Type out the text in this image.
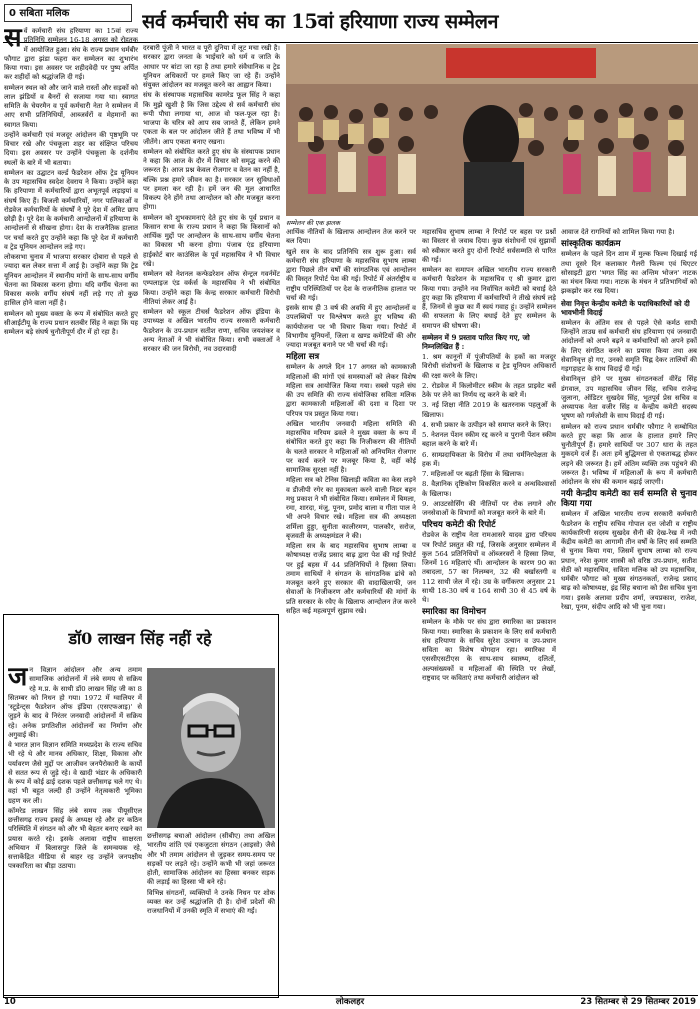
0 सबिता मलिक	सर्व कर्मचारी संघ का 15वां हरियाणा राज्य सम्मेलन
स र्व कर्मचारी संघ हरियाणा का 15वां राज्य प्रतिनिधि सम्मेलन 16-18 अगस्त को रोहतक में आयोजित हुआ। संघ के राज्य प्रधान धर्मबीर फौगाट द्वारा झंडा फहरा कर सम्मेलन का शुभारंभ किया गया। इस अवसर पर शहीदवेदी पर पुष्प अर्पित कर शहीदों को श्रद्धांजलि दी गई।

सम्मेलन स्थल को और जाने वाले रास्तों और सड़कों को लाल झंडियों व बैनरों से सजाया गया था। स्वागत समिति के चेयरमैन व पूर्व कर्मचारी नेता ने सम्मेलन में आए सभी प्रतिनिधियों, आब्जर्वरों व मेहमानों का स्वागत किया।

उन्होंने कर्मचारी एवं मजदूर आंदोलन की पृष्ठभूमि पर विचार रखे और पंचकूला शहर का संक्षिप्त परिचय दिया। इस अवसर पर उन्होंने पंचकूला के दर्शनीय स्थलों के बारे में भी बताया।

सम्मेलन का उद्घाटन वर्ल्ड फैडरेशन ऑफ ट्रेड यूनियन के उप महासचिव स्वदेश देवराय ने किया। उन्होंने कहा कि हरियाणा में कर्मचारियों द्वारा अभूतपूर्व लड़ाइयां व संघर्ष किए हैं। बिजली कर्मचारियों, नगर पालिकाओं व रोडवेज कर्मचारियों के संघर्षों ने पूरे देश में अमिट छाप छोड़ी है। पूरे देश के कर्मचारी आन्दोलनों में हरियाणा के आन्दोलनों से सीखना होगा। देश के राजनैतिक हालात पर चर्चा करते हुए उन्होंने कहा कि पूरे देश में कर्मचारी व ट्रेड यूनियन आन्दोलन लड़े गए।

लोकसभा चुनाव में भाजपा सरकार दोबारा से पहले से ज्यादा बल लेकर सत्ता में आई है। उन्होंने कहा कि ट्रेड यूनियन आन्दोलन में स्थानीय मांगों के साथ-साथ वर्गीय चेतना का विकास करना होगा। यदि वर्गीय चेतना का विकास करके वर्गीय संघर्ष नहीं लड़े गए तो कुछ हासिल होने वाला नहीं है।

सम्मेलन को मुख्य वक्ता के रूप में संबोधित करते हुए सीआईटीयू के राज्य प्रधान सतबीर सिंह ने कहा कि यह सम्मेलन बड़े संघर्ष चुनौतीपूर्ण दौर में हो रहा है।

दरबारी पूंजी ने भारत व पूरी दुनिया में लूट मचा रखी है। सरकार द्वारा जनता के भाईचारे को धर्म व जाति के आधार पर बांटा जा रहा है तथा हमारे संवैधानिक व ट्रेड यूनियन अधिकारों पर हमले किए जा रहे हैं। उन्होंने संयुक्त आंदोलन का मजबूत करने का आह्वान किया।

संघ के संस्थापक महासचिव कामरेड फूल सिंह ने कहा कि मुझे खुशी है कि जिस उद्देश्य से सर्व कर्मचारी संघ रूपी पौधा लगाया था, आज वो फल-फूल रहा है। भाजपा के चरित्र को आप सब जानते हैं, लेकिन हमने एकता के बल पर आंदोलन जीते हैं तथा भविष्य में भी जीतेंगे। आप एकता बनाए रखना।

सम्मेलन को संबोधित करते हुए संघ के संस्थापक प्रधान ने कहा कि आज के दौर में विचार को समृद्ध करने की जरूरत है। आज प्रश्न केवल रोजगार व वेतन का नहीं है, बल्कि प्रश्न हमारे जीवन का है। सरकार जन सुविधाओं पर हमला कर रही है। हमें जन की मूल आधारित विकल्प देने होंगे तथा आन्दोलन को और मजबूत करना होगा।

सम्मेलन को शुभकामनाएं देते हुए संघ के पूर्व प्रधान व किसान सभा के राज्य प्रधान ने कहा कि किसानों को आर्थिक मुद्दों पर आन्दोलन के साथ-साथ वर्गीय चेतना का विकास भी करना होगा। पंजाब एंड हरियाणा हाईकोर्ट बार काउंसिल के पूर्व महासचिव ने भी विचार रखे।

सम्मेलन को नेशनल कन्फेडरेशन ऑफ सेन्ट्रल गवर्नमेंट एम्पलाइज एंड वर्कर्स के महासचिव ने भी संबोधित किया। उन्होंने कहा कि केन्द्र सरकार कर्मचारी विरोधी नीतियां लेकर आई है।

सम्मेलन को स्कूल टीचर्स फैडरेशन ऑफ इंडिया के उपाध्यक्ष व अखिल भारतीय राज्य सरकारी कर्मचारी फैडरेशन के उप-प्रधान सतीश राणा, सचिव जयशंकर व अन्य नेताओं ने भी संबोधित किया। सभी वक्ताओं ने सरकार की जन विरोधी, नव उदारवादी

सम्मेलन की एक झलक

आर्थिक नीतियों के खिलाफ आन्दोलन तेज करने पर बल दिया।

खुले सत्र के बाद प्रतिनिधि सत्र शुरू हुआ। सर्व कर्मचारी संघ हरियाणा के महासचिव सुभाष लाम्बा द्वारा पिछले तीन वर्षों की सांगठनिक एवं आन्दोलन की विस्तृत रिपोर्ट पेश की गई। रिपोर्ट में अंतर्राष्ट्रीय व राष्ट्रीय परिस्थितियों पर देश के राजनीतिक हालात पर चर्चा की गई।

इसके साथ ही 3 वर्ष की अवधि में हुए आन्दोलनों व उपलब्धियों पर विश्लेषण करते हुए भविष्य की कार्ययोजना पर भी विचार किया गया। रिपोर्ट में विभागीय यूनियनों, जिला व खण्ड कमेटियों की और ज्यादा मजबूत बनाने पर भी चर्चा की गई।

महिला सत्र

सम्मेलन के अगले दिन 17 अगस्त को कामकाजी महिलाओं की मांगों एवं समस्याओं को लेकर विशेष महिला सत्र आयोजित किया गया। सबसे पहले संघ की उप समिति की राज्य संयोजिका सविता मलिक द्वारा कामकाजी महिलाओं की दशा व दिशा पर परिपत्र पत्र प्रस्तुत किया गया।

अखिल भारतीय जनवादी महिला समिति की महासचिव मरियम ढवले ने मुख्य वक्ता के रूप में संबोधित करते हुए कहा कि निजीकरण की नीतियों के चलते सरकार ने महिलाओं को अनियमित रोजगार पर कार्य करने पर मजबूर किया है, वहीं कोई सामाजिक सुरक्षा नहीं है।

महिला सत्र को टेनिस खिलाड़ी कविता का केस लड़ने व डीजीपी रगेर का मुकाबला करने वाली निडर बहन मधु प्रकाश ने भी संबोधित किया। सम्मेलन में बिमला, रमा, शारदा, मंजु, पूनम, प्रमोद बाला व गीता पाल ने भी अपने विचार रखे। महिला सत्र की अध्यक्षता शर्मिला हुड्डा, सुनीता कालीरमण, पालकौर, सरोज, बृजवती के अध्यक्षमंडल ने की।

महिला सत्र के बाद महासचिव सुभाष लाम्बा व कोषाध्यक्ष राजेंद्र प्रसाद बाढ़ द्वारा पेश की गई रिपोर्ट पर हुई बहस में 44 प्रतिनिधियों ने हिस्सा लिया। तमाम साथियों ने संगठन के सांगठनिक ढांचे को मजबूत करने हुए सरकार की वादाखिलाफी, जन सेवाओं के निजीकरण और कर्मचारियों की मांगों के प्रति सरकार के रवैए के खिलाफ आन्दोलन तेज करने सहित कई महत्वपूर्ण सुझाव रखे।

महासचिव सुभाष लाम्बा ने रिपोर्ट पर बहस पर प्रश्नों का विस्तार से जवाब दिया। कुछ संशोधनों एवं सुझावों को स्वीकार करते हुए दोनों रिपोर्ट सर्वसम्मति से पारित की गई।

सम्मेलन का समापन अखिल भारतीय राज्य सरकारी कर्मचारी फैडरेशन के महासचिव ए श्री कुमार द्वारा किया गया। उन्होंने नव निर्वाचित कमेटी को बधाई देते हुए कहा कि हरियाणा में कर्मचारियों ने तीखे संघर्ष लड़े हैं, जिनमें से कुछ का मैं स्वयं गवाह हूं। उन्होंने सम्मेलन की सफलता के लिए बधाई देते हुए सम्मेलन के समापन की घोषणा की।

सम्मेलन में 9 प्रस्ताव पारित किए गए, जो निम्नलिखित हैं :

1. श्रम कानूनों में पूंजीपतियों के हकों का मजदूर विरोधी संशोधनों के खिलाफ व ट्रेड यूनियन अधिकारों की रक्षा करने के लिए।

2. रोडवेज में किलोमीटर स्कीम के तहत प्राइवेट बसें ठेके पर लेने का निर्णय रद्द करने के बारे में।

3. नई शिक्षा नीति 2019 के खतरनाक पहलुओं के खिलाफ।

4. सभी प्रकार के उत्पीड़न को समाप्त करने के लिए।

5. नेशनल पेंशन स्कीम रद्द करने व पुरानी पेंशन स्कीम बहाल करने के बारे में।

6. साम्प्रदायिकता के विरोध में तथा धर्मनिरपेक्षता के हक में।

7. महिलाओं पर बढ़ती हिंसा के खिलाफ।

8. वैज्ञानिक दृष्टिकोण विकसित करने व अन्धविश्वासों के खिलाफ।

9. आउटसोर्सिंग की नीतियों पर रोक लगाने और जनसेवाओं के विभागों को मजबूत करने के बारे में।

परिचय कमेटी की रिपोर्ट

रोडवेज के राष्ट्रीय नेता रामआसरे यादव द्वारा परिचय पत्र रिपोर्ट प्रस्तुत की गई, जिसके अनुसार सम्मेलन में कुल 564 प्रतिनिधियों व ऑब्जरवरों ने हिस्सा लिया, जिनमें 16 महिलाएं थीं। आन्दोलन के कारण 90 का तबादला, 57 का निलम्बन, 32 की बर्खास्तगी व 112 साथी जेल में रहे। उम्र के वर्गीकरण अनुसार 21 साथी 18-30 वर्ष व 164 साथी 30 से 45 वर्ष के थे।

स्मारिका का विमोचन

सम्मेलन के मौके पर संघ द्वारा स्मारिका का प्रकाशन किया गया। स्मारिका के प्रकाशन के लिए सर्व कर्मचारी संघ हरियाणा के सचिव सुरेश उत्थान व उप-प्रधान सविता का विशेष योगदान रहा। स्मारिका में एससीएसटीएस के साथ-साथ स्वास्थ्य, दलितों, अल्पसंख्यकों व महिलाओं की स्थिति पर लेखों, राष्ट्रवाद पर कविताएं तथा कर्मचारी आंदोलन को

आवाज देते रागनियों को शामिल किया गया है।

सांस्कृतिक कार्यक्रम

सम्मेलन के पहले दिन शाम में मुल्क फिल्म दिखाई गई तथा दूसरे दिन कलाकार गैलरी फिल्म एवं थिएटर सोसाइटी द्वारा 'भगत सिंह का अन्तिम भोजन' नाटक का मंचन किया गया। नाटक के मंचन ने प्रतिभागियों को झकझोर कर रख दिया।

सेवा निवृत्त केन्द्रीय कमेटी के पदाधिकारियों को दी भावभीनी विदाई

सम्मेलन के अंतिम सत्र से पहले ऐसे कर्मठ साथी जिन्होंने ताउम्र सर्व कर्मचारी संघ हरियाणा एवं जनवादी आंदोलनों को अपने बढ़ने व कर्मचारियों को अपने हकों के लिए संगठित करने का प्रयास किया तथा अब सेवानिवृत्त हो गए, उनको समृति चिह्न देकर तालियों की गड़गड़ाहट के साथ विदाई दी गई।

सेवानिवृत्त होने पर मुख्य संगठनकर्ता वीरेंद्र सिंह डंगवाल, उप महासचिव जीवन सिंह, सचिव राजेन्द्र जुलाना, ऑडिटर सुखदेव सिंह, भूतपूर्व प्रेस सचिव व अध्यापक नेता वजीर सिंह व केन्द्रीय कमेटी सदस्य भूषण को गर्मजोशी के साथ विदाई दी गई।

सम्मेलन को राज्य प्रधान धर्मबीर फौगाट ने सम्बोधित करते हुए कहा कि आज के हालात हमारे लिए चुनौतीपूर्ण हैं। हमारे साथियों पर 307 धारा के तहत मुकदमे दर्ज हैं। अतः हमें बुद्धिमत्ता से एकताबद्ध होकर लड़ने की जरूरत है। हमें अंतिम व्यक्ति तक पहुंचने की जरूरत है। भविष्य में महिलाओं के रूप में कर्मचारी आंदोलन के संघ की कमान बढ़ाई जाएगी।

नयी केन्द्रीय कमेटी का सर्व सम्मति से चुनाव किया गया

सम्मेलन में अखिल भारतीय राज्य सरकारी कर्मचारी फैडरेशन के राष्ट्रीय सचिव गोपाल दत्त जोशी व राष्ट्रीय कार्यकारिणी सदस्य सुखदेव सैनी की देख-रेख में नयी केंद्रीय कमेटी का आगामी तीन वर्षों के लिए सर्व सम्मति से चुनाव किया गया, जिसमें सुभाष लाम्बा को राज्य प्रधान, नरेश कुमार शास्त्री को वरिष्ठ उप-प्रधान, सतीश सेठी को महासचिव, सविता मलिक को उप महासचिव, धर्मबीर फौगाट को मुख्य संगठनकर्ता, राजेन्द्र प्रसाद बाढ़ को कोषाध्यक्ष, इंद्र सिंह बधाना को प्रैस सचिव चुना गया। इसके अलावा प्रदीप शर्मा, जयप्रकाश, राजेश, रेखा, पूनम, संदीप आदि को भी चुना गया।

डॉ0 लाखन सिंह नहीं रहे
ज न विज्ञान आंदोलन और अन्य तमाम सामाजिक आंदोलनों में लंबे समय से सक्रिय रहे म.प्र. के साथी डॉ0 लाखन सिंह जी का 8 सितम्बर को निधन हो गया। 1972 में ग्वालियर में 'स्टूडेन्ट्स फैडरेशन ऑफ इंडिया (एसएफआइ)' से जुड़ने के बाद वे निरंतर जनवादी आंदोलनों में सक्रिय रहे। अनेक प्रगतिशील आंदोलनों का निर्माण और अगुवाई की।

वे भारत ज्ञान विज्ञान समिति मध्यप्रदेश के राज्य सचिव भी रहे थे और मानव अधिकार, शिक्षा, विकास और पर्यावरण जैसे मुद्दों पर आजीवन जनपैरोकारी के कार्यों से सतत रूप से जुड़े रहे। वे खादी भंडार के अधिकारी के रूप में कोई ढाई दशक पहले छत्तीसगढ़ चले गए थे। वहां भी बहुत जल्दी ही उन्होंने नेतृत्वकारी भूमिका ग्रहण कर ली।

कॉमरेड लाखन सिंह लंबे समय तक पीयूसीएल छत्तीसगढ़ राज्य इकाई के अध्यक्ष रहे और हर कठिन परिस्थिति में संगठन को और भी बेहतर बनाए रखने का प्रयास करते रहे। इसके अलावा राष्ट्रीय साक्षरता अभियान में बिलासपुर जिले के समन्वयक रहे, सत्ताकेंद्रित मीडिया से बाहर रह उन्होंने जनपक्षीय पत्रकारिता का बीड़ा उठाया।

छत्तीसगढ़ बचाओ आंदोलन (सीबीए) तथा अखिल भारतीय शांति एवं एकजुटता संगठन (आइसो) जैसे और भी तमाम आंदोलन से जुड़कर समय-समय पर सड़कों पर लड़ते रहे। उन्होंने कभी भी जहां जरूरत होती, सामाजिक आंदोलन का हिस्सा बनकर सड़क की लड़ाई का हिस्सा भी बने रहे।

विभिन्न संगठनों, व्यक्तियों ने उनके निधन पर शोक व्यक्त कर उन्हें श्रद्धांजलि दी है। दोनों प्रदेशों की राजधानियों में उनकी स्मृति में सभाएं की गईं।

10	लोकलहर	23 सितम्बर से 29 सितम्बर 2019
